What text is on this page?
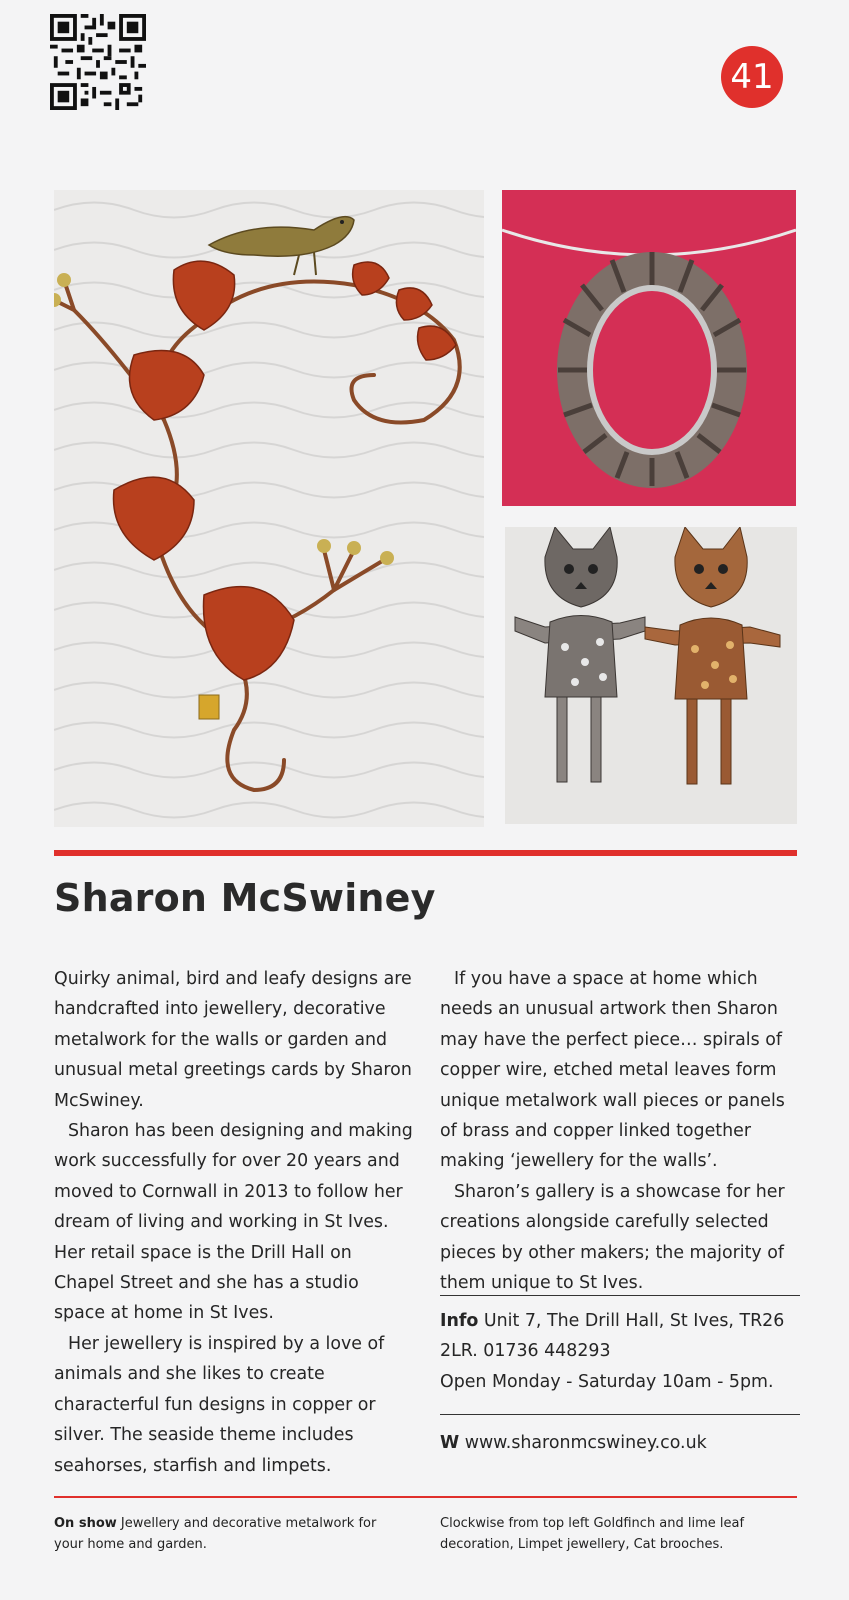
41
Sharon McSwiney

Quirky animal, bird and leafy designs are handcrafted into jewellery, decorative metalwork for the walls or garden and unusual metal greetings cards by Sharon McSwiney.

Sharon has been designing and making work successfully for over 20 years and moved to Cornwall in 2013 to follow her dream of living and working in St Ives. Her retail space is the Drill Hall on Chapel Street and she has a studio space at home in St Ives.

Her jewellery is inspired by a love of animals and she likes to create characterful fun designs in copper or silver. The seaside theme includes seahorses, starfish and limpets.

If you have a space at home which needs an unusual artwork then Sharon may have the perfect piece… spirals of copper wire, etched metal leaves form unique metalwork wall pieces or panels of brass and copper linked together making ‘jewellery for the walls’.

Sharon’s gallery is a showcase for her creations alongside carefully selected pieces by other makers; the majority of them unique to St Ives.

Info Unit 7, The Drill Hall, St Ives, TR26 2LR. 01736 448293
Open Monday - Saturday 10am - 5pm.
W www.sharonmcswiney.co.uk
On show Jewellery and decorative metalwork for your home and garden.
Clockwise from top left Goldfinch and lime leaf decoration, Limpet jewellery, Cat brooches.
